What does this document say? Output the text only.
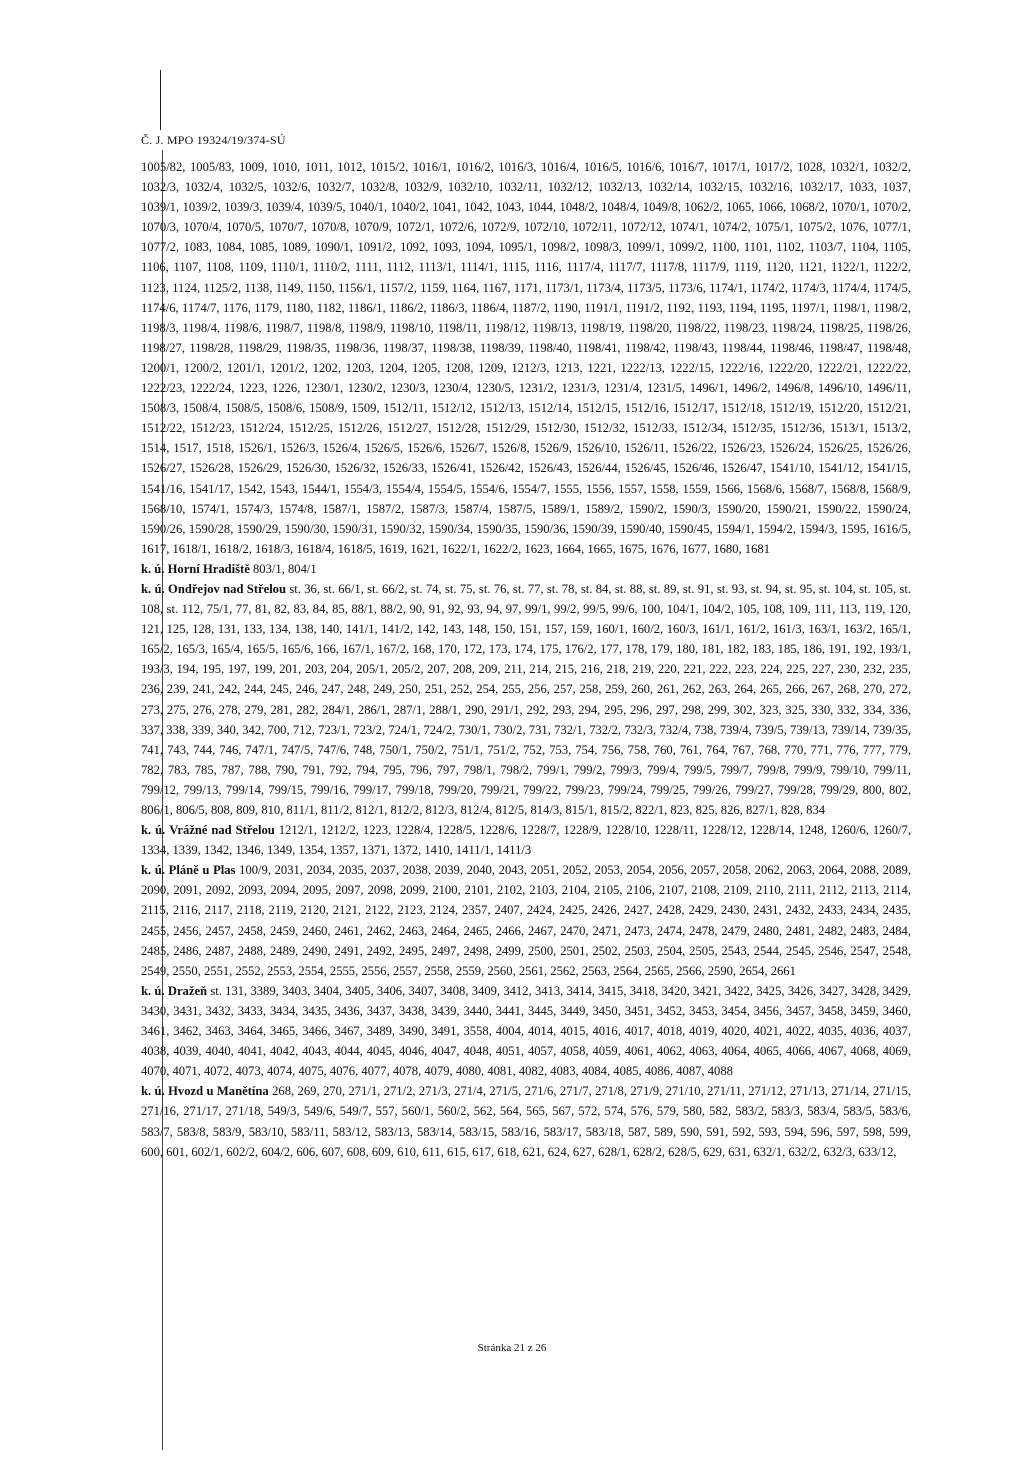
Č. J. MPO 19324/19/374-SÚ

1005/82, 1005/83, 1009, 1010, 1011, 1012, 1015/2, 1016/1, 1016/2, 1016/3, 1016/4, 1016/5, 1016/6, 1016/7, 1017/1, 1017/2, 1028, 1032/1, 1032/2, 1032/3, 1032/4, 1032/5, 1032/6, 1032/7, 1032/8, 1032/9, 1032/10, 1032/11, 1032/12, 1032/13, 1032/14, 1032/15, 1032/16, 1032/17, 1033, 1037, 1039/1, 1039/2, 1039/3, 1039/4, 1039/5, 1040/1, 1040/2, 1041, 1042, 1043, 1044, 1048/2, 1048/4, 1049/8, 1062/2, 1065, 1066, 1068/2, 1070/1, 1070/2, 1070/3, 1070/4, 1070/5, 1070/7, 1070/8, 1070/9, 1072/1, 1072/6, 1072/9, 1072/10, 1072/11, 1072/12, 1074/1, 1074/2, 1075/1, 1075/2, 1076, 1077/1, 1077/2, 1083, 1084, 1085, 1089, 1090/1, 1091/2, 1092, 1093, 1094, 1095/1, 1098/2, 1098/3, 1099/1, 1099/2, 1100, 1101, 1102, 1103/7, 1104, 1105, 1106, 1107, 1108, 1109, 1110/1, 1110/2, 1111, 1112, 1113/1, 1114/1, 1115, 1116, 1117/4, 1117/7, 1117/8, 1117/9, 1119, 1120, 1121, 1122/1, 1122/2, 1123, 1124, 1125/2, 1138, 1149, 1150, 1156/1, 1157/2, 1159, 1164, 1167, 1171, 1173/1, 1173/4, 1173/5, 1173/6, 1174/1, 1174/2, 1174/3, 1174/4, 1174/5, 1174/6, 1174/7, 1176, 1179, 1180, 1182, 1186/1, 1186/2, 1186/3, 1186/4, 1187/2, 1190, 1191/1, 1191/2, 1192, 1193, 1194, 1195, 1197/1, 1198/1, 1198/2, 1198/3, 1198/4, 1198/6, 1198/7, 1198/8, 1198/9, 1198/10, 1198/11, 1198/12, 1198/13, 1198/19, 1198/20, 1198/22, 1198/23, 1198/24, 1198/25, 1198/26, 1198/27, 1198/28, 1198/29, 1198/35, 1198/36, 1198/37, 1198/38, 1198/39, 1198/40, 1198/41, 1198/42, 1198/43, 1198/44, 1198/46, 1198/47, 1198/48, 1200/1, 1200/2, 1201/1, 1201/2, 1202, 1203, 1204, 1205, 1208, 1209, 1212/3, 1213, 1221, 1222/13, 1222/15, 1222/16, 1222/20, 1222/21, 1222/22, 1222/23, 1222/24, 1223, 1226, 1230/1, 1230/2, 1230/3, 1230/4, 1230/5, 1231/2, 1231/3, 1231/4, 1231/5, 1496/1, 1496/2, 1496/8, 1496/10, 1496/11, 1508/3, 1508/4, 1508/5, 1508/6, 1508/9, 1509, 1512/11, 1512/12, 1512/13, 1512/14, 1512/15, 1512/16, 1512/17, 1512/18, 1512/19, 1512/20, 1512/21, 1512/22, 1512/23, 1512/24, 1512/25, 1512/26, 1512/27, 1512/28, 1512/29, 1512/30, 1512/32, 1512/33, 1512/34, 1512/35, 1512/36, 1513/1, 1513/2, 1514, 1517, 1518, 1526/1, 1526/3, 1526/4, 1526/5, 1526/6, 1526/7, 1526/8, 1526/9, 1526/10, 1526/11, 1526/22, 1526/23, 1526/24, 1526/25, 1526/26, 1526/27, 1526/28, 1526/29, 1526/30, 1526/32, 1526/33, 1526/41, 1526/42, 1526/43, 1526/44, 1526/45, 1526/46, 1526/47, 1541/10, 1541/12, 1541/15, 1541/16, 1541/17, 1542, 1543, 1544/1, 1554/3, 1554/4, 1554/5, 1554/6, 1554/7, 1555, 1556, 1557, 1558, 1559, 1566, 1568/6, 1568/7, 1568/8, 1568/9, 1568/10, 1574/1, 1574/3, 1574/8, 1587/1, 1587/2, 1587/3, 1587/4, 1587/5, 1589/1, 1589/2, 1590/2, 1590/3, 1590/20, 1590/21, 1590/22, 1590/24, 1590/26, 1590/28, 1590/29, 1590/30, 1590/31, 1590/32, 1590/34, 1590/35, 1590/36, 1590/39, 1590/40, 1590/45, 1594/1, 1594/2, 1594/3, 1595, 1616/5, 1617, 1618/1, 1618/2, 1618/3, 1618/4, 1618/5, 1619, 1621, 1622/1, 1622/2, 1623, 1664, 1665, 1675, 1676, 1677, 1680, 1681

k. ú. Horní Hradiště 803/1, 804/1

k. ú. Ondřejov nad Střelou st. 36, st. 66/1, st. 66/2, st. 74, st. 75, st. 76, st. 77, st. 78, st. 84, st. 88, st. 89, st. 91, st. 93, st. 94, st. 95, st. 104, st. 105, st. 108, st. 112, 75/1, 77, 81, 82, 83, 84, 85, 88/1, 88/2, 90, 91, 92, 93, 94, 97, 99/1, 99/2, 99/5, 99/6, 100, 104/1, 104/2, 105, 108, 109, 111, 113, 119, 120, 121, 125, 128, 131, 133, 134, 138, 140, 141/1, 141/2, 142, 143, 148, 150, 151, 157, 159, 160/1, 160/2, 160/3, 161/1, 161/2, 161/3, 163/1, 163/2, 165/1, 165/2, 165/3, 165/4, 165/5, 165/6, 166, 167/1, 167/2, 168, 170, 172, 173, 174, 175, 176/2, 177, 178, 179, 180, 181, 182, 183, 185, 186, 191, 192, 193/1, 193/3, 194, 195, 197, 199, 201, 203, 204, 205/1, 205/2, 207, 208, 209, 211, 214, 215, 216, 218, 219, 220, 221, 222, 223, 224, 225, 227, 230, 232, 235, 236, 239, 241, 242, 244, 245, 246, 247, 248, 249, 250, 251, 252, 254, 255, 256, 257, 258, 259, 260, 261, 262, 263, 264, 265, 266, 267, 268, 270, 272, 273, 275, 276, 278, 279, 281, 282, 284/1, 286/1, 287/1, 288/1, 290, 291/1, 292, 293, 294, 295, 296, 297, 298, 299, 302, 323, 325, 330, 332, 334, 336, 337, 338, 339, 340, 342, 700, 712, 723/1, 723/2, 724/1, 724/2, 730/1, 730/2, 731, 732/1, 732/2, 732/3, 732/4, 738, 739/4, 739/5, 739/13, 739/14, 739/35, 741, 743, 744, 746, 747/1, 747/5, 747/6, 748, 750/1, 750/2, 751/1, 751/2, 752, 753, 754, 756, 758, 760, 761, 764, 767, 768, 770, 771, 776, 777, 779, 782, 783, 785, 787, 788, 790, 791, 792, 794, 795, 796, 797, 798/1, 798/2, 799/1, 799/2, 799/3, 799/4, 799/5, 799/7, 799/8, 799/9, 799/10, 799/11, 799/12, 799/13, 799/14, 799/15, 799/16, 799/17, 799/18, 799/20, 799/21, 799/22, 799/23, 799/24, 799/25, 799/26, 799/27, 799/28, 799/29, 800, 802, 806/1, 806/5, 808, 809, 810, 811/1, 811/2, 812/1, 812/2, 812/3, 812/4, 812/5, 814/3, 815/1, 815/2, 822/1, 823, 825, 826, 827/1, 828, 834

k. ú. Vrážné nad Střelou 1212/1, 1212/2, 1223, 1228/4, 1228/5, 1228/6, 1228/7, 1228/9, 1228/10, 1228/11, 1228/12, 1228/14, 1248, 1260/6, 1260/7, 1334, 1339, 1342, 1346, 1349, 1354, 1357, 1371, 1372, 1410, 1411/1, 1411/3

k. ú. Pláně u Plas 100/9, 2031, 2034, 2035, 2037, 2038, 2039, 2040, 2043, 2051, 2052, 2053, 2054, 2056, 2057, 2058, 2062, 2063, 2064, 2088, 2089, 2090, 2091, 2092, 2093, 2094, 2095, 2097, 2098, 2099, 2100, 2101, 2102, 2103, 2104, 2105, 2106, 2107, 2108, 2109, 2110, 2111, 2112, 2113, 2114, 2115, 2116, 2117, 2118, 2119, 2120, 2121, 2122, 2123, 2124, 2357, 2407, 2424, 2425, 2426, 2427, 2428, 2429, 2430, 2431, 2432, 2433, 2434, 2435, 2455, 2456, 2457, 2458, 2459, 2460, 2461, 2462, 2463, 2464, 2465, 2466, 2467, 2470, 2471, 2473, 2474, 2478, 2479, 2480, 2481, 2482, 2483, 2484, 2485, 2486, 2487, 2488, 2489, 2490, 2491, 2492, 2495, 2497, 2498, 2499, 2500, 2501, 2502, 2503, 2504, 2505, 2543, 2544, 2545, 2546, 2547, 2548, 2549, 2550, 2551, 2552, 2553, 2554, 2555, 2556, 2557, 2558, 2559, 2560, 2561, 2562, 2563, 2564, 2565, 2566, 2590, 2654, 2661

k. ú. Dražeň st. 131, 3389, 3403, 3404, 3405, 3406, 3407, 3408, 3409, 3412, 3413, 3414, 3415, 3418, 3420, 3421, 3422, 3425, 3426, 3427, 3428, 3429, 3430, 3431, 3432, 3433, 3434, 3435, 3436, 3437, 3438, 3439, 3440, 3441, 3445, 3449, 3450, 3451, 3452, 3453, 3454, 3456, 3457, 3458, 3459, 3460, 3461, 3462, 3463, 3464, 3465, 3466, 3467, 3489, 3490, 3491, 3558, 4004, 4014, 4015, 4016, 4017, 4018, 4019, 4020, 4021, 4022, 4035, 4036, 4037, 4038, 4039, 4040, 4041, 4042, 4043, 4044, 4045, 4046, 4047, 4048, 4051, 4057, 4058, 4059, 4061, 4062, 4063, 4064, 4065, 4066, 4067, 4068, 4069, 4070, 4071, 4072, 4073, 4074, 4075, 4076, 4077, 4078, 4079, 4080, 4081, 4082, 4083, 4084, 4085, 4086, 4087, 4088

k. ú. Hvozd u Manětína 268, 269, 270, 271/1, 271/2, 271/3, 271/4, 271/5, 271/6, 271/7, 271/8, 271/9, 271/10, 271/11, 271/12, 271/13, 271/14, 271/15, 271/16, 271/17, 271/18, 549/3, 549/6, 549/7, 557, 560/1, 560/2, 562, 564, 565, 567, 572, 574, 576, 579, 580, 582, 583/2, 583/3, 583/4, 583/5, 583/6, 583/7, 583/8, 583/9, 583/10, 583/11, 583/12, 583/13, 583/14, 583/15, 583/16, 583/17, 583/18, 587, 589, 590, 591, 592, 593, 594, 596, 597, 598, 599, 600, 601, 602/1, 602/2, 604/2, 606, 607, 608, 609, 610, 611, 615, 617, 618, 621, 624, 627, 628/1, 628/2, 628/5, 629, 631, 632/1, 632/2, 632/3, 633/12,

Stránka 21 z 26
